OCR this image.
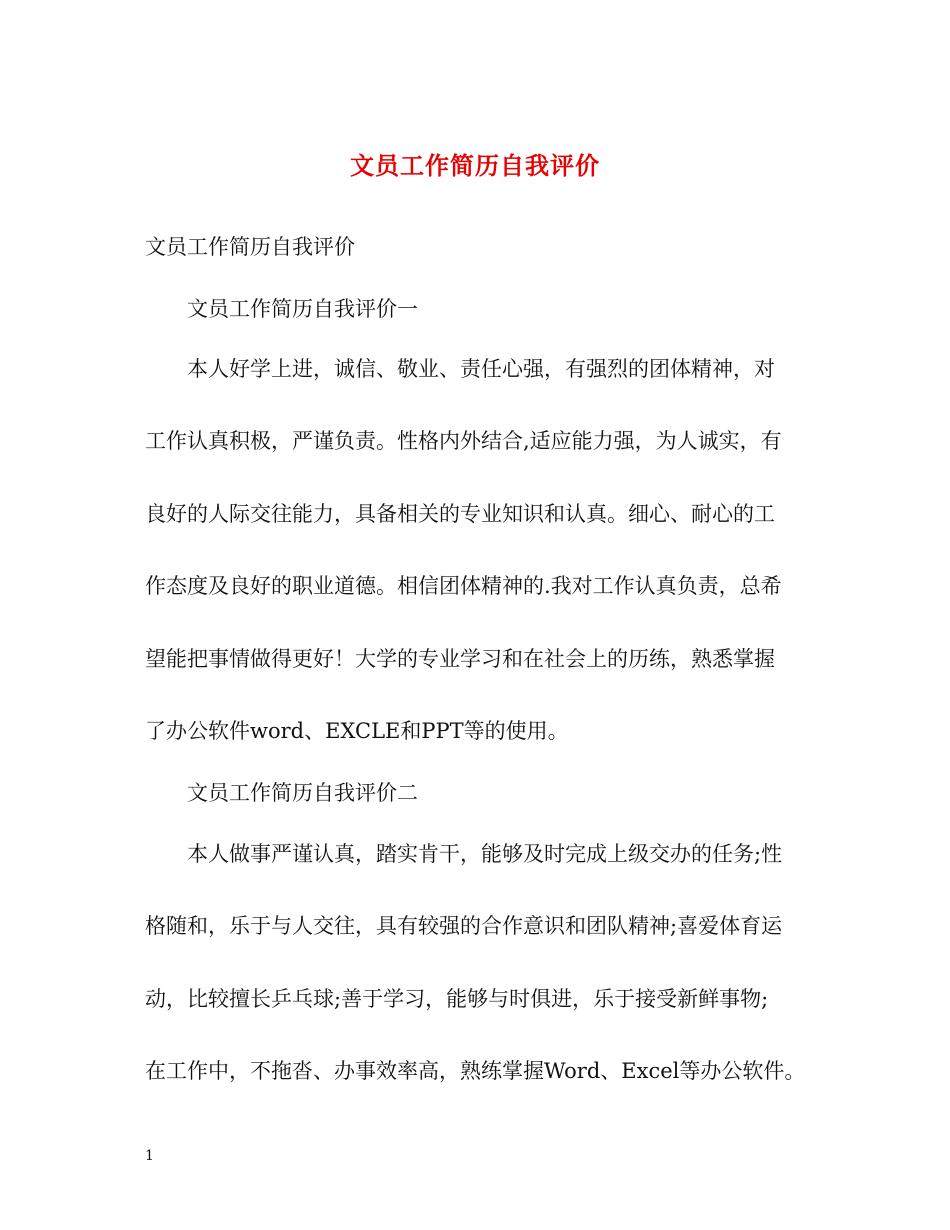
文员工作简历自我评价
文员工作简历自我评价
文员工作简历自我评价一
本人好学上进，诚信、敬业、责任心强，有强烈的团体精神，对
工作认真积极，严谨负责。性格内外结合,适应能力强，为人诚实，有
良好的人际交往能力，具备相关的专业知识和认真。细心、耐心的工
作态度及良好的职业道德。相信团体精神的.我对工作认真负责，总希
望能把事情做得更好！大学的专业学习和在社会上的历练，熟悉掌握
了办公软件word、EXCLE和PPT等的使用。
文员工作简历自我评价二
本人做事严谨认真，踏实肯干，能够及时完成上级交办的任务;性
格随和，乐于与人交往，具有较强的合作意识和团队精神;喜爱体育运
动，比较擅长乒乓球;善于学习，能够与时俱进，乐于接受新鲜事物;
在工作中，不拖沓、办事效率高，熟练掌握Word、Excel等办公软件。
1
